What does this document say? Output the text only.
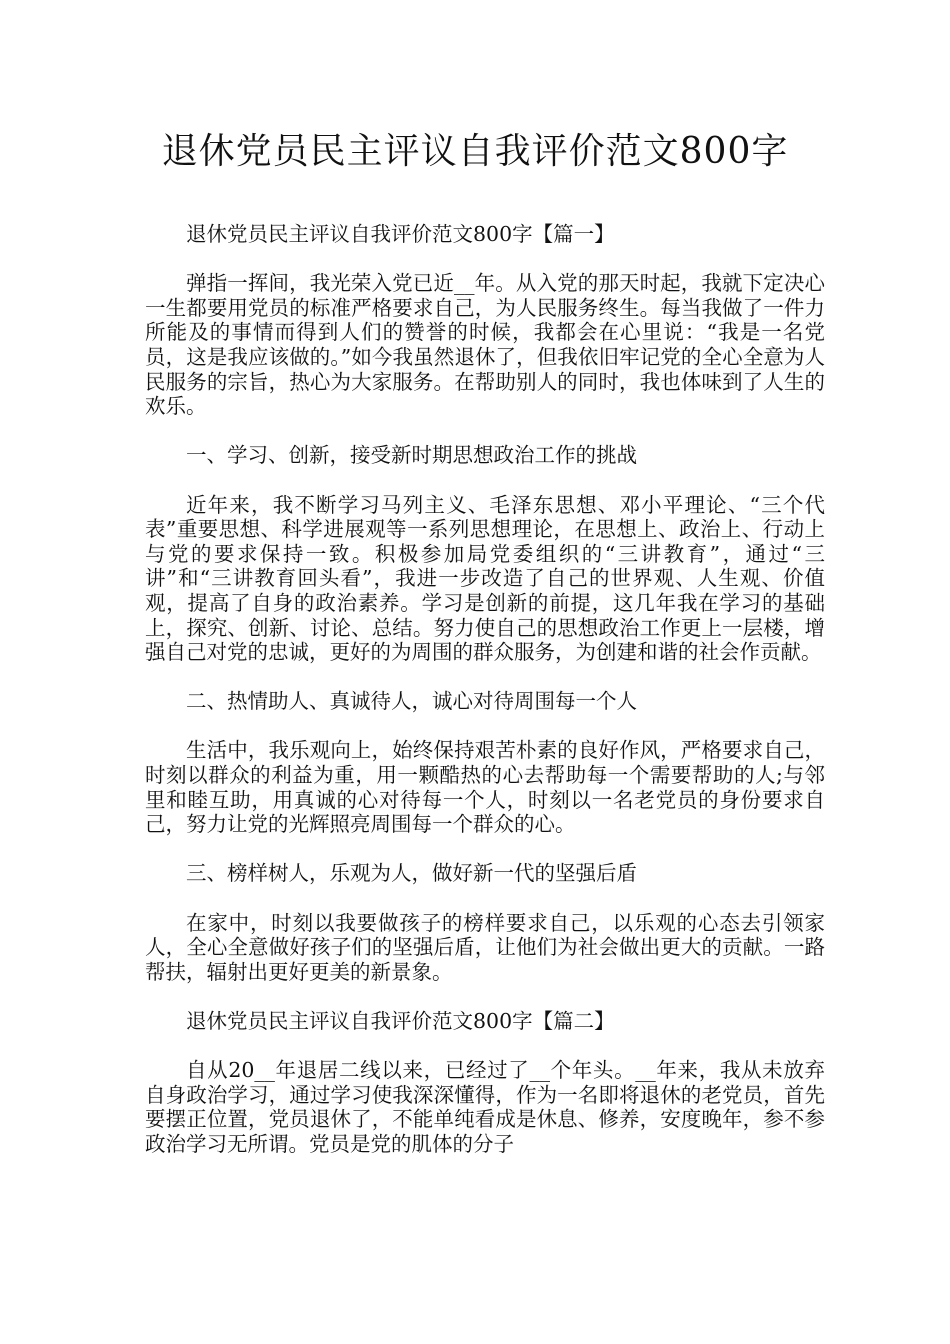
退休党员民主评议自我评价范文800字

退休党员民主评议自我评价范文800字【篇一】

弹指一挥间，我光荣入党已近__年。从入党的那天时起，我就下定决心一生都要用党员的标准严格要求自己，为人民服务终生。每当我做了一件力所能及的事情而得到人们的赞誉的时候，我都会在心里说：“我是一名党员，这是我应该做的。”如今我虽然退休了，但我依旧牢记党的全心全意为人民服务的宗旨，热心为大家服务。在帮助别人的同时，我也体味到了人生的欢乐。

一、学习、创新，接受新时期思想政治工作的挑战

近年来，我不断学习马列主义、毛泽东思想、邓小平理论、“三个代表”重要思想、科学进展观等一系列思想理论，在思想上、政治上、行动上与党的要求保持一致。积极参加局党委组织的“三讲教育”，通过“三讲”和“三讲教育回头看”，我进一步改造了自己的世界观、人生观、价值观，提高了自身的政治素养。学习是创新的前提，这几年我在学习的基础上，探究、创新、讨论、总结。努力使自己的思想政治工作更上一层楼，增强自己对党的忠诚，更好的为周围的群众服务，为创建和谐的社会作贡献。

二、热情助人、真诚待人，诚心对待周围每一个人

生活中，我乐观向上，始终保持艰苦朴素的良好作风，严格要求自己，时刻以群众的利益为重，用一颗酷热的心去帮助每一个需要帮助的人;与邻里和睦互助，用真诚的心对待每一个人，时刻以一名老党员的身份要求自己，努力让党的光辉照亮周围每一个群众的心。

三、榜样树人，乐观为人，做好新一代的坚强后盾

在家中，时刻以我要做孩子的榜样要求自己，以乐观的心态去引领家人，全心全意做好孩子们的坚强后盾，让他们为社会做出更大的贡献。一路帮扶，辐射出更好更美的新景象。

退休党员民主评议自我评价范文800字【篇二】

自从20__年退居二线以来，已经过了__个年头。__年来，我从未放弃自身政治学习，通过学习使我深深懂得，作为一名即将退休的老党员，首先要摆正位置，党员退休了，不能单纯看成是休息、修养，安度晚年，参不参政治学习无所谓。党员是党的肌体的分子
